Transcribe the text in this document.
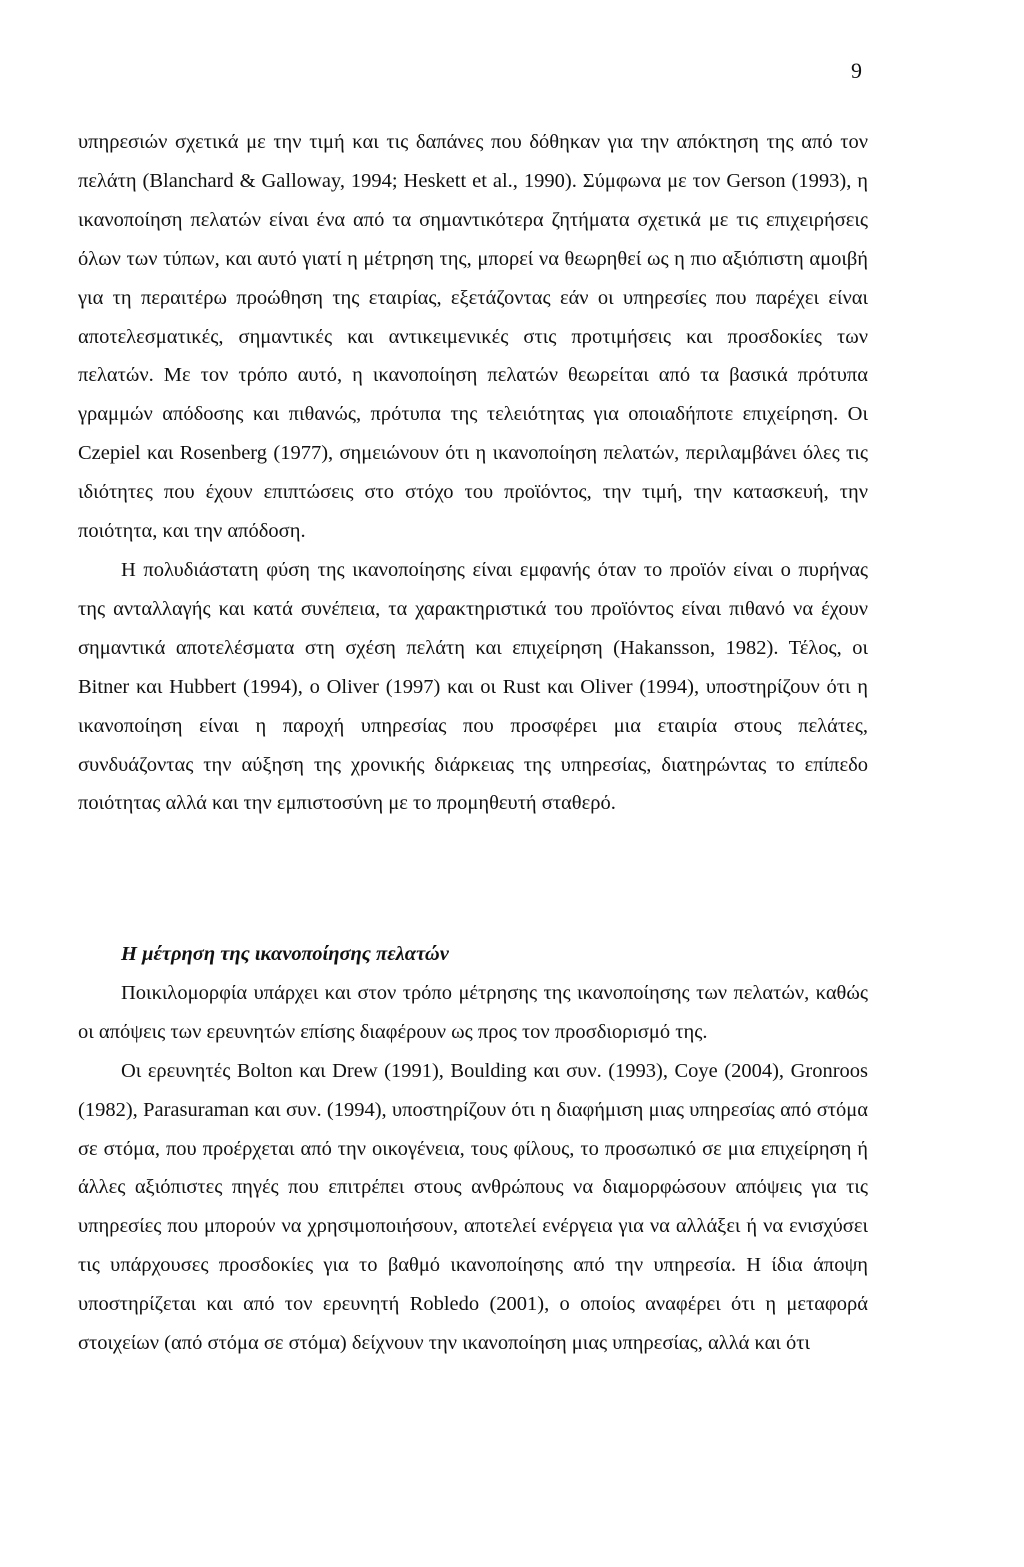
9

υπηρεσιών σχετικά με την τιμή και τις δαπάνες που δόθηκαν για την απόκτηση της από τον πελάτη (Blanchard & Galloway, 1994; Heskett et al., 1990). Σύμφωνα με τον Gerson (1993), η ικανοποίηση πελατών είναι ένα από τα σημαντικότερα ζητήματα σχετικά με τις επιχειρήσεις όλων των τύπων, και αυτό γιατί η μέτρηση της, μπορεί να θεωρηθεί ως η πιο αξιόπιστη αμοιβή για τη περαιτέρω προώθηση της εταιρίας, εξετάζοντας εάν οι υπηρεσίες που παρέχει είναι αποτελεσματικές, σημαντικές και αντικειμενικές στις προτιμήσεις και προσδοκίες των πελατών. Με τον τρόπο αυτό, η ικανοποίηση πελατών θεωρείται από τα βασικά πρότυπα γραμμών απόδοσης και πιθανώς, πρότυπα της τελειότητας για οποιαδήποτε επιχείρηση. Οι Czepiel και Rosenberg (1977), σημειώνουν ότι η ικανοποίηση πελατών, περιλαμβάνει όλες τις ιδιότητες που έχουν επιπτώσεις στο στόχο του προϊόντος, την τιμή, την κατασκευή, την ποιότητα, και την απόδοση.

Η πολυδιάστατη φύση της ικανοποίησης είναι εμφανής όταν το προϊόν είναι ο πυρήνας της ανταλλαγής και κατά συνέπεια, τα χαρακτηριστικά του προϊόντος είναι πιθανό να έχουν σημαντικά αποτελέσματα στη σχέση πελάτη και επιχείρηση (Hakansson, 1982). Τέλος, οι Bitner και Hubbert (1994), ο Oliver (1997) και οι Rust και Oliver (1994), υποστηρίζουν ότι η ικανοποίηση είναι η παροχή υπηρεσίας που προσφέρει μια εταιρία στους πελάτες, συνδυάζοντας την αύξηση της χρονικής διάρκειας της υπηρεσίας, διατηρώντας το επίπεδο ποιότητας αλλά και την εμπιστοσύνη με το προμηθευτή σταθερό.

Η μέτρηση της ικανοποίησης πελατών

Ποικιλομορφία υπάρχει και στον τρόπο μέτρησης της ικανοποίησης των πελατών, καθώς οι απόψεις των ερευνητών επίσης διαφέρουν ως προς τον προσδιορισμό της.

Οι ερευνητές Bolton και Drew (1991), Boulding και συν. (1993), Coye (2004), Gronroos (1982), Parasuraman και συν. (1994), υποστηρίζουν ότι η διαφήμιση μιας υπηρεσίας από στόμα σε στόμα, που προέρχεται από την οικογένεια, τους φίλους, το προσωπικό σε μια επιχείρηση ή άλλες αξιόπιστες πηγές που επιτρέπει στους ανθρώπους να διαμορφώσουν απόψεις για τις υπηρεσίες που μπορούν να χρησιμοποιήσουν, αποτελεί ενέργεια για να αλλάξει ή να ενισχύσει τις υπάρχουσες προσδοκίες για το βαθμό ικανοποίησης από την υπηρεσία. Η ίδια άποψη υποστηρίζεται και από τον ερευνητή Robledo (2001), ο οποίος αναφέρει ότι η μεταφορά στοιχείων (από στόμα σε στόμα) δείχνουν την ικανοποίηση μιας υπηρεσίας, αλλά και ότι
